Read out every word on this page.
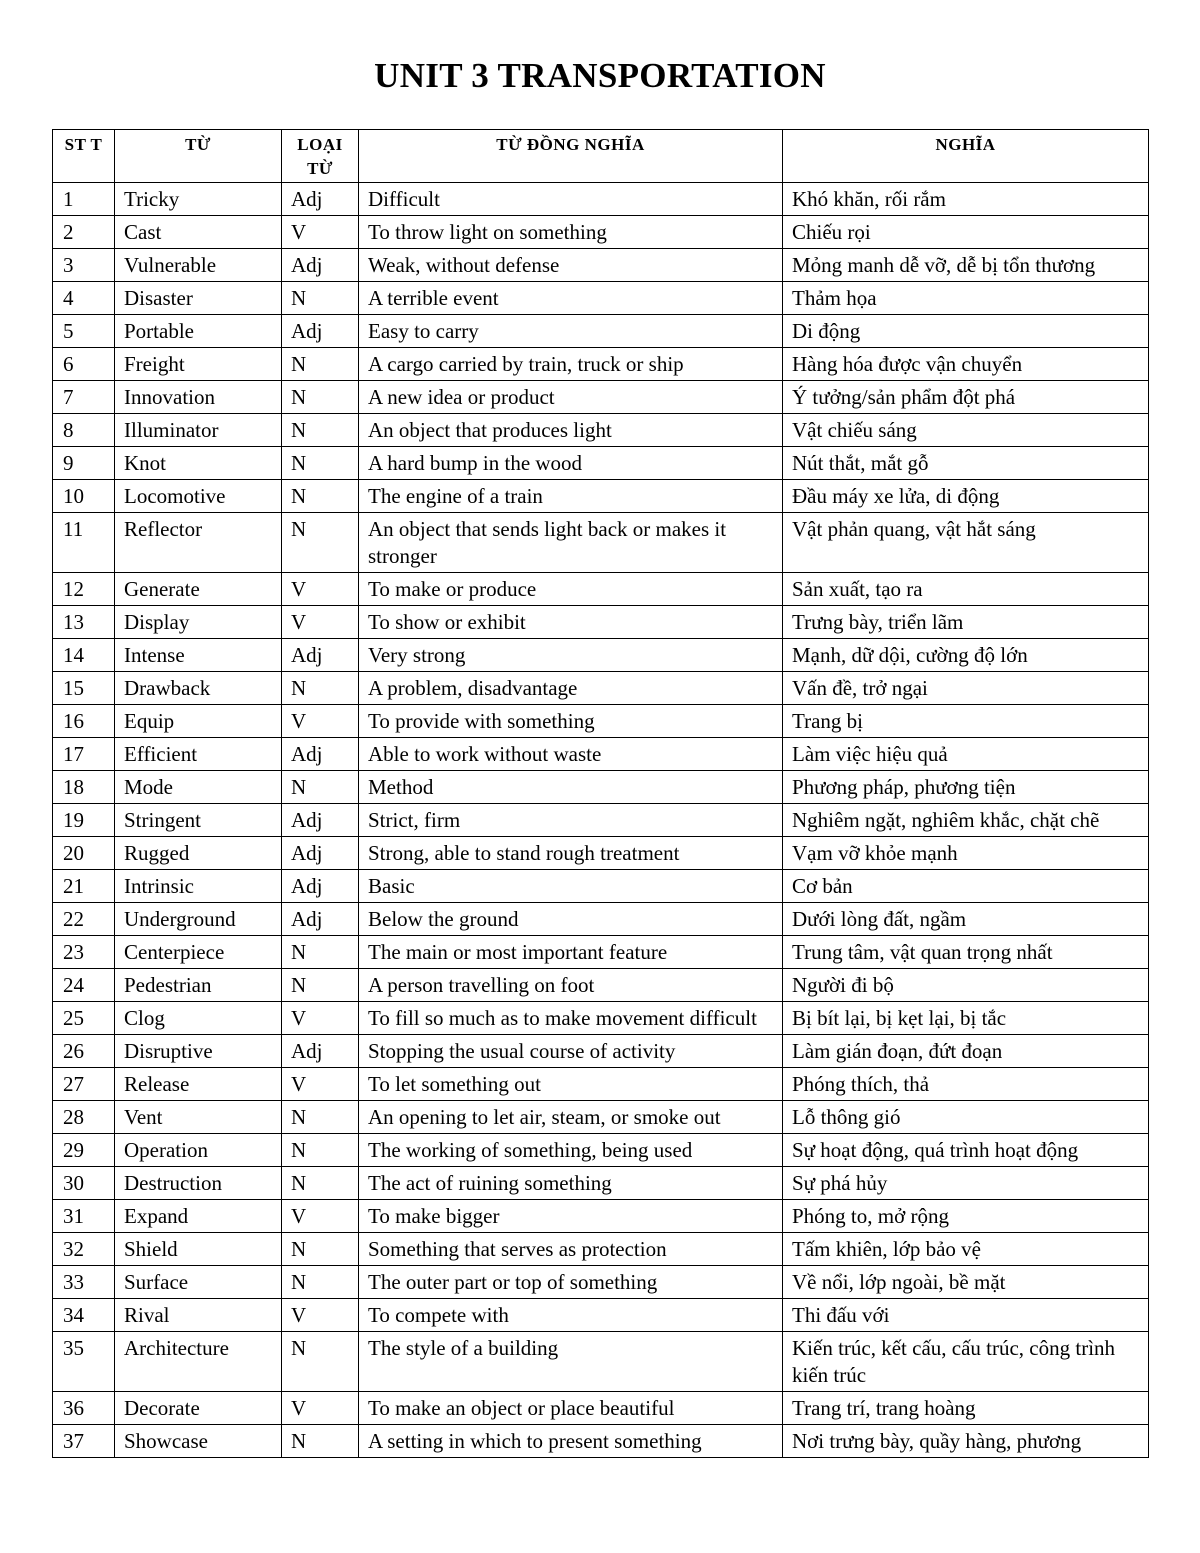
UNIT 3 TRANSPORTATION
ST T	TỪ	LOẠI TỪ	TỪ ĐỒNG NGHĨA	NGHĨA
1	Tricky	Adj	Difficult	Khó khăn, rối rắm
2	Cast	V	To throw light on something	Chiếu rọi
3	Vulnerable	Adj	Weak, without defense	Mỏng manh dễ vỡ, dễ bị tổn thương
4	Disaster	N	A terrible event	Thảm họa
5	Portable	Adj	Easy to carry	Di động
6	Freight	N	A cargo carried by train, truck or ship	Hàng hóa được vận chuyển
7	Innovation	N	A new idea or product	Ý tưởng/sản phẩm đột phá
8	Illuminator	N	An object that produces light	Vật chiếu sáng
9	Knot	N	A hard bump in the wood	Nút thắt, mắt gỗ
10	Locomotive	N	The engine of a train	Đầu máy xe lửa, di động
11	Reflector	N	An object that sends light back or makes it stronger	Vật phản quang, vật hắt sáng
12	Generate	V	To make or produce	Sản xuất, tạo ra
13	Display	V	To show or exhibit	Trưng bày, triển lãm
14	Intense	Adj	Very strong	Mạnh, dữ dội, cường độ lớn
15	Drawback	N	A problem, disadvantage	Vấn đề, trở ngại
16	Equip	V	To provide with something	Trang bị
17	Efficient	Adj	Able to work without waste	Làm việc hiệu quả
18	Mode	N	Method	Phương pháp, phương tiện
19	Stringent	Adj	Strict, firm	Nghiêm ngặt, nghiêm khắc, chặt chẽ
20	Rugged	Adj	Strong, able to stand rough treatment	Vạm vỡ khỏe mạnh
21	Intrinsic	Adj	Basic	Cơ bản
22	Underground	Adj	Below the ground	Dưới lòng đất, ngầm
23	Centerpiece	N	The main or most important feature	Trung tâm, vật quan trọng nhất
24	Pedestrian	N	A person travelling on foot	Người đi bộ
25	Clog	V	To fill so much as to make movement difficult	Bị bít lại, bị kẹt lại, bị tắc
26	Disruptive	Adj	Stopping the usual course of activity	Làm gián đoạn, đứt đoạn
27	Release	V	To let something out	Phóng thích, thả
28	Vent	N	An opening to let air, steam, or smoke out	Lỗ thông gió
29	Operation	N	The working of something, being used	Sự hoạt động, quá trình hoạt động
30	Destruction	N	The act of ruining something	Sự phá hủy
31	Expand	V	To make bigger	Phóng to, mở rộng
32	Shield	N	Something that serves as protection	Tấm khiên, lớp bảo vệ
33	Surface	N	The outer part or top of something	Về nổi, lớp ngoài, bề mặt
34	Rival	V	To compete with	Thi đấu với
35	Architecture	N	The style of a building	Kiến trúc, kết cấu, cấu trúc, công trình kiến trúc
36	Decorate	V	To make an object or place beautiful	Trang trí, trang hoàng
37	Showcase	N	A setting in which to present something	Nơi trưng bày, quầy hàng, phương
